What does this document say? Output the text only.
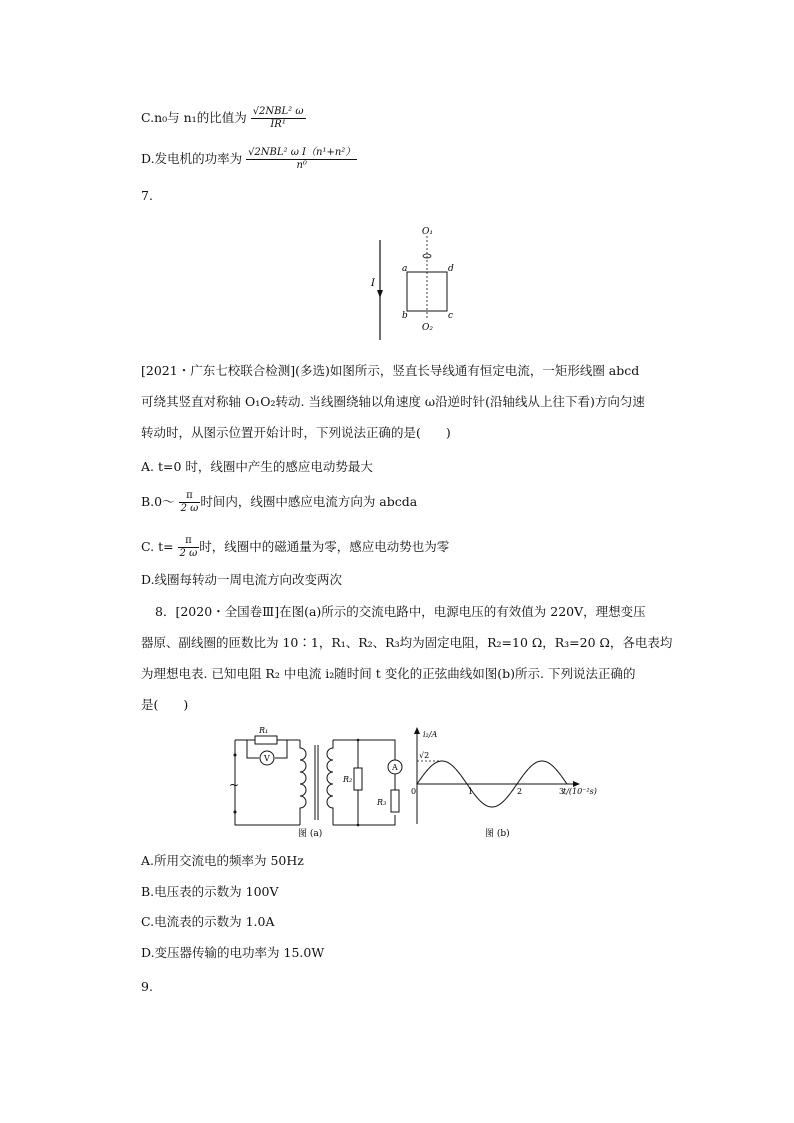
C.n₀与 n₁的比值为 $\frac{\text{√2NBL² ω}}{\text{IR¹}}$
D.发电机的功率为 $\frac{\text{√2NBL² ω I（n¹+n²）}}{\text{n⁰}}$
7.
I
O₁
O₂
a	d
b	c
[2021・广东七校联合检测](多选)如图所示，竖直长导线通有恒定电流，一矩形线圈 abcd
可绕其竖直对称轴 O₁O₂转动. 当线圈绕轴以角速度 ω沿逆时针(沿轴线从上往下看)方向匀速
转动时，从图示位置开始计时，下列说法正确的是(　　)
A. t=0 时，线圈中产生的感应电动势最大
B.0～ $\frac{\pi}{2 \omega}$ 时间内，线圈中感应电流方向为 abcda
C. $t= \frac{\pi}{2 \omega}$ 时，线圈中的磁通量为零，感应电动势也为零
D.线圈每转动一周电流方向改变两次
8．[2020・全国卷Ⅲ]在图(a)所示的交流电路中，电源电压的有效值为 220V，理想变压
器原、副线圈的匝数比为 10∶1，R₁、R₂、R₃均为固定电阻，R₂=10 Ω，R₃=20 Ω，各电表均
为理想电表. 已知电阻 R₂ 中电流 i₂随时间 t 变化的正弦曲线如图(b)所示. 下列说法正确的
是(　　)
~
R₁
V
R₂
A
R₃
图 (a)
i₂/A
t/(10⁻²s)
√2
0	1	2	3
图 (b)
A.所用交流电的频率为 50Hz
B.电压表的示数为 100V
C.电流表的示数为 1.0A
D.变压器传输的电功率为 15.0W
9.
